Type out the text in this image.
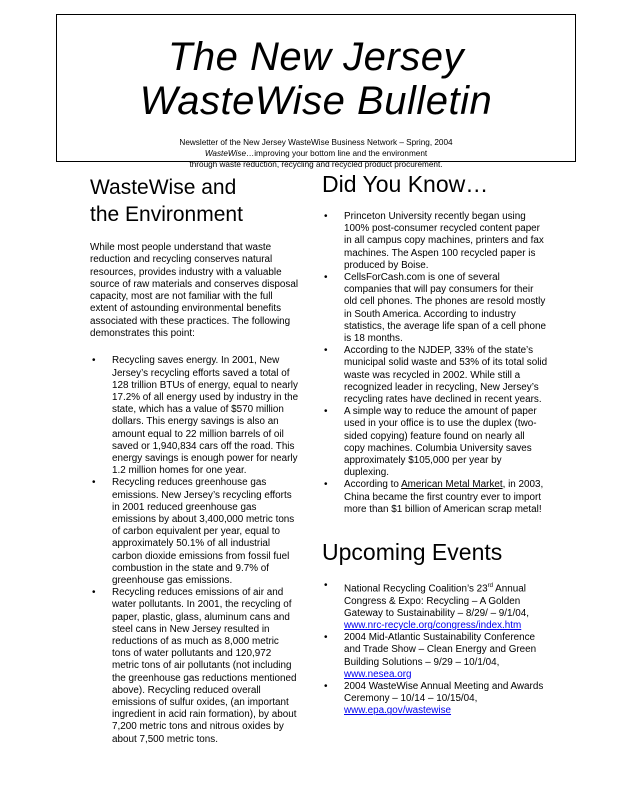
The New Jersey
WasteWise Bulletin
Newsletter of the New Jersey WasteWise Business Network – Spring, 2004
WasteWise…improving your bottom line and the environment
through waste reduction, recycling and recycled product procurement.
WasteWise and
the Environment
While most people understand that waste reduction and recycling conserves natural resources, provides industry with a valuable source of raw materials and conserves disposal capacity, most are not familiar with the full extent of astounding environmental benefits associated with these practices. The following demonstrates this point:
• Recycling saves energy. In 2001, New Jersey’s recycling efforts saved a total of 128 trillion BTUs of energy, equal to nearly 17.2% of all energy used by industry in the state, which has a value of $570 million dollars. This energy savings is also an amount equal to 22 million barrels of oil saved or 1,940,834 cars off the road. This energy savings is enough power for nearly 1.2 million homes for one year.
• Recycling reduces greenhouse gas emissions. New Jersey’s recycling efforts in 2001 reduced greenhouse gas emissions by about 3,400,000 metric tons of carbon equivalent per year, equal to approximately 50.1% of all industrial carbon dioxide emissions from fossil fuel combustion in the state and 9.7% of greenhouse gas emissions.
• Recycling reduces emissions of air and water pollutants. In 2001, the recycling of paper, plastic, glass, aluminum cans and steel cans in New Jersey resulted in reductions of as much as 8,000 metric tons of water pollutants and 120,972 metric tons of air pollutants (not including the greenhouse gas reductions mentioned above). Recycling reduced overall emissions of sulfur oxides, (an important ingredient in acid rain formation), by about 7,200 metric tons and nitrous oxides by about 7,500 metric tons.
Did You Know…
• Princeton University recently began using 100% post-consumer recycled content paper in all campus copy machines, printers and fax machines. The Aspen 100 recycled paper is produced by Boise.
• CellsForCash.com is one of several companies that will pay consumers for their old cell phones. The phones are resold mostly in South America. According to industry statistics, the average life span of a cell phone is 18 months.
• According to the NJDEP, 33% of the state’s municipal solid waste and 53% of its total solid waste was recycled in 2002. While still a recognized leader in recycling, New Jersey’s recycling rates have declined in recent years.
• A simple way to reduce the amount of paper used in your office is to use the duplex (two-sided copying) feature found on nearly all copy machines. Columbia University saves approximately $105,000 per year by duplexing.
• According to American Metal Market, in 2003, China became the first country ever to import more than $1 billion of American scrap metal!
Upcoming Events
• National Recycling Coalition’s 23rd Annual Congress & Expo: Recycling – A Golden Gateway to Sustainability – 8/29/ – 9/1/04, www.nrc-recycle.org/congress/index.htm
• 2004 Mid-Atlantic Sustainability Conference and Trade Show – Clean Energy and Green Building Solutions – 9/29 – 10/1/04, www.nesea.org
• 2004 WasteWise Annual Meeting and Awards Ceremony – 10/14 – 10/15/04, www.epa.gov/wastewise
